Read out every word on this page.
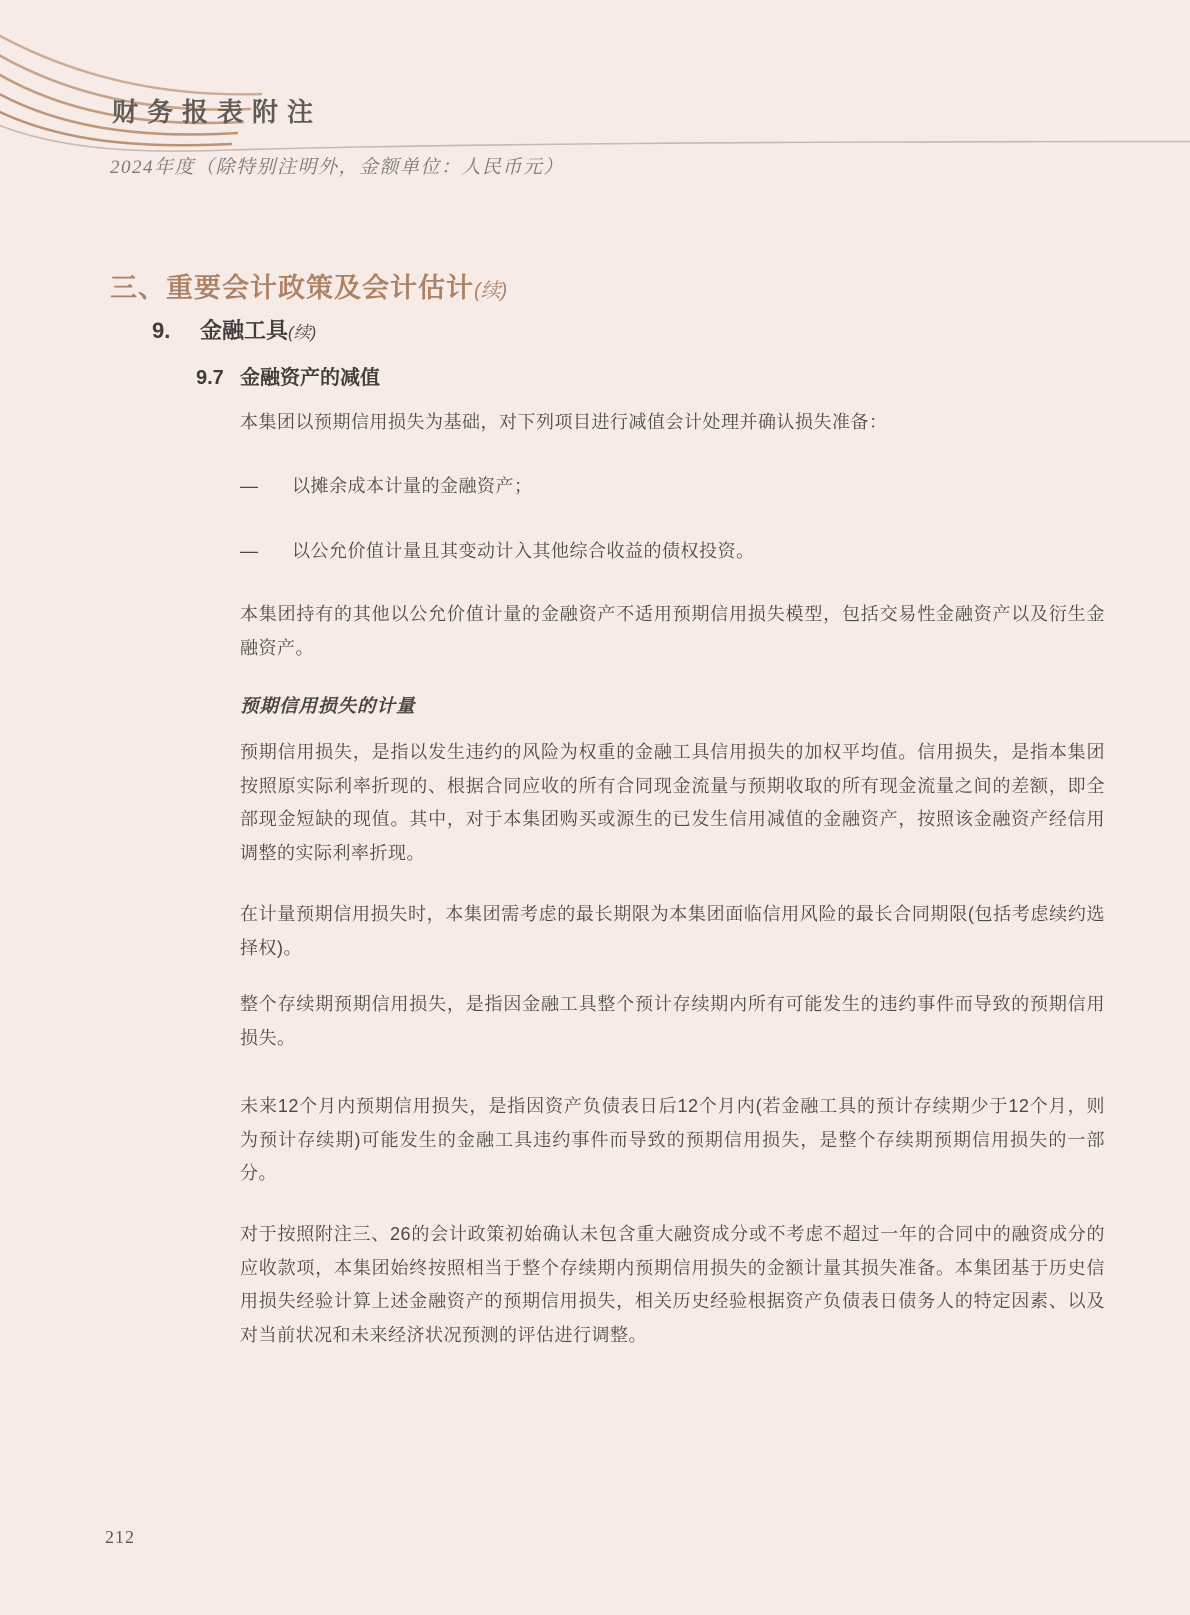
财务报表附注
2024年度（除特别注明外，金额单位：人民币元）
三、重要会计政策及会计估计(续)
9. 金融工具(续)
9.7 金融资产的减值
本集团以预期信用损失为基础，对下列项目进行减值会计处理并确认损失准备：
—	以摊余成本计量的金融资产；
—	以公允价值计量且其变动计入其他综合收益的债权投资。
本集团持有的其他以公允价值计量的金融资产不适用预期信用损失模型，包括交易性金融资产以及衍生金融资产。
预期信用损失的计量
预期信用损失，是指以发生违约的风险为权重的金融工具信用损失的加权平均值。信用损失，是指本集团按照原实际利率折现的、根据合同应收的所有合同现金流量与预期收取的所有现金流量之间的差额，即全部现金短缺的现值。其中，对于本集团购买或源生的已发生信用减值的金融资产，按照该金融资产经信用调整的实际利率折现。
在计量预期信用损失时，本集团需考虑的最长期限为本集团面临信用风险的最长合同期限(包括考虑续约选择权)。
整个存续期预期信用损失，是指因金融工具整个预计存续期内所有可能发生的违约事件而导致的预期信用损失。
未来12个月内预期信用损失，是指因资产负债表日后12个月内(若金融工具的预计存续期少于12个月，则为预计存续期)可能发生的金融工具违约事件而导致的预期信用损失，是整个存续期预期信用损失的一部分。
对于按照附注三、26的会计政策初始确认未包含重大融资成分或不考虑不超过一年的合同中的融资成分的应收款项，本集团始终按照相当于整个存续期内预期信用损失的金额计量其损失准备。本集团基于历史信用损失经验计算上述金融资产的预期信用损失，相关历史经验根据资产负债表日债务人的特定因素、以及对当前状况和未来经济状况预测的评估进行调整。
212
